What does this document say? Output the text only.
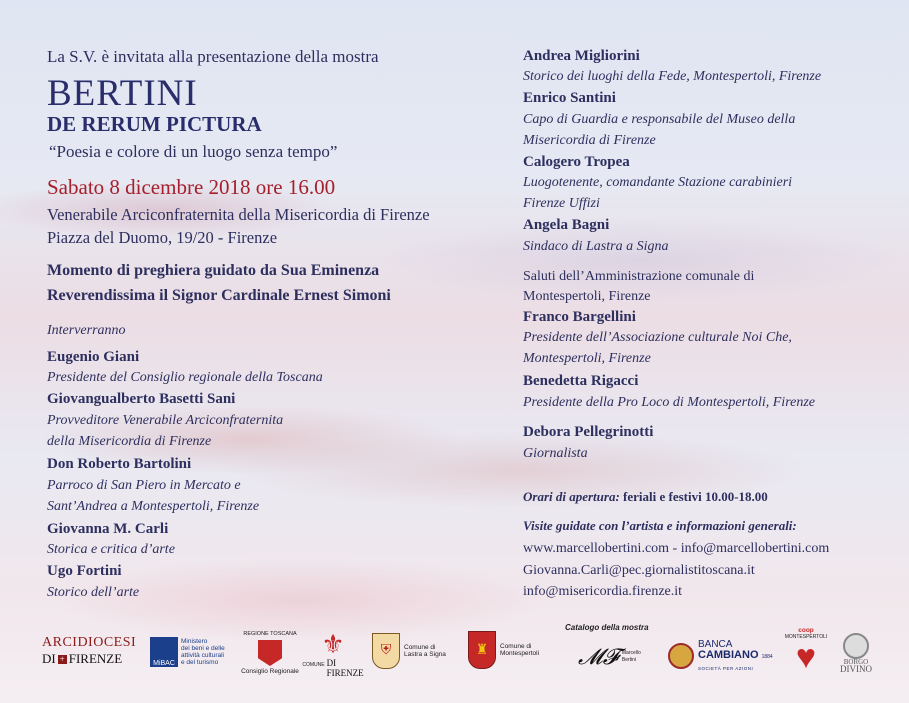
La S.V. è invitata alla presentazione della mostra
BERTINI
DE RERUM PICTURA
“Poesia e colore di un luogo senza tempo”
Sabato 8 dicembre 2018 ore 16.00
Venerabile Arciconfraternita della Misericordia di Firenze
Piazza del Duomo, 19/20 - Firenze
Momento di preghiera guidato da Sua Eminenza
Reverendissima il Signor Cardinale Ernest Simoni
Interverranno
Eugenio Giani
Presidente del Consiglio regionale della Toscana
Giovangualberto Basetti Sani
Provveditore Venerabile Arciconfraternita
della Misericordia di Firenze
Don Roberto Bartolini
Parroco di San Piero in Mercato e
Sant’Andrea a Montespertoli, Firenze
Giovanna M. Carli
Storica e critica d’arte
Ugo Fortini
Storico dell’arte
Andrea Migliorini
Storico dei luoghi della Fede, Montespertoli, Firenze
Enrico Santini
Capo di Guardia e responsabile del Museo della
Misericordia di Firenze
Calogero Tropea
Luogotenente, comandante Stazione carabinieri
Firenze Uffizi
Angela Bagni
Sindaco di Lastra a Signa
Saluti dell’Amministrazione comunale di
Montespertoli, Firenze
Franco Bargellini
Presidente dell’Associazione culturale Noi Che,
Montespertoli, Firenze
Benedetta Rigacci
Presidente della Pro Loco di Montespertoli, Firenze
Debora Pellegrinotti
Giornalista
Orari di apertura: feriali e festivi 10.00-18.00
Visite guidate con l’artista e informazioni generali:
www.marcellobertini.com - info@marcellobertini.com
Giovanna.Carli@pec.giornalistitoscana.it
info@misericordia.firenze.it
ARCIDIOCESI
DI + FIRENZE	MiBAC
Ministero
dei beni e delle
attività culturali
e del turismo
REGIONE TOSCANA
Consiglio Regionale
⚜
COMUNE DI FIRENZE
⛨	Comune di
Lastra a Signa	♜	Comune di
Montespertoli
Catalogo della mostra
𝓜𝓕 Marcello Bertini
BANCA
CAMBIANO 1884
SOCIETÀ PER AZIONI
coop
MONTESPERTOLI
♥	BORGO
DIVINO
